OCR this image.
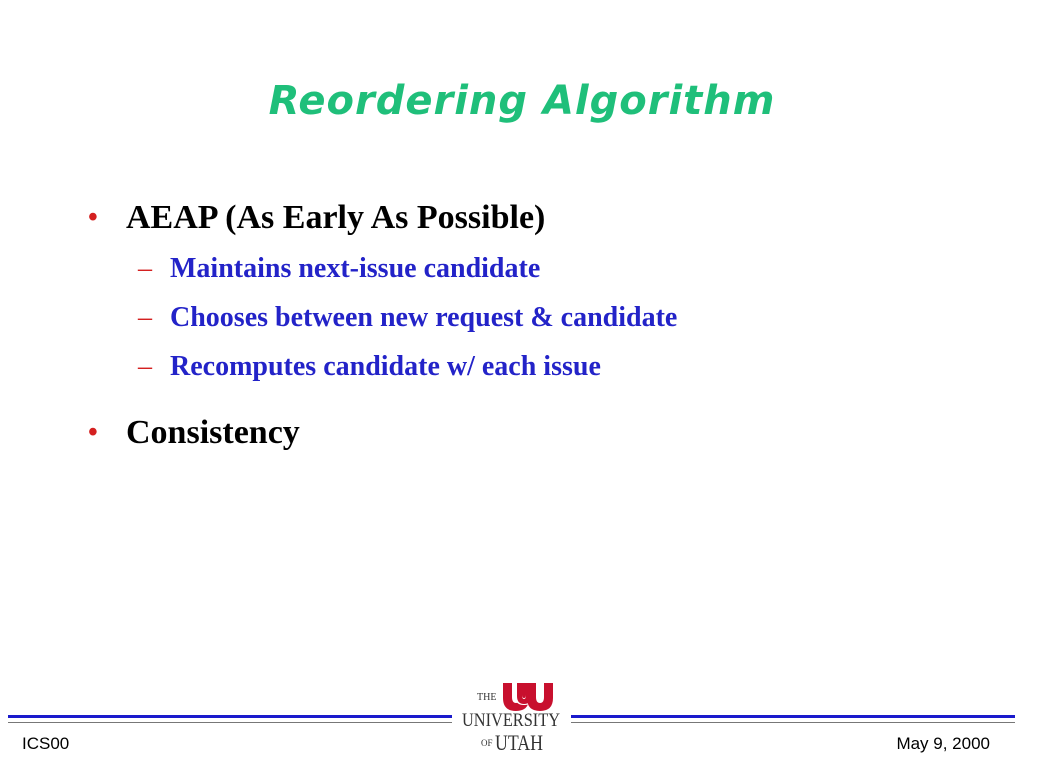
Reordering Algorithm
• AEAP (As Early As Possible)
– Maintains next-issue candidate
– Chooses between new request & candidate
– Recomputes candidate w/ each issue
• Consistency
THE
UNIVERSITY
OF UTAH
ICS00	May 9, 2000
